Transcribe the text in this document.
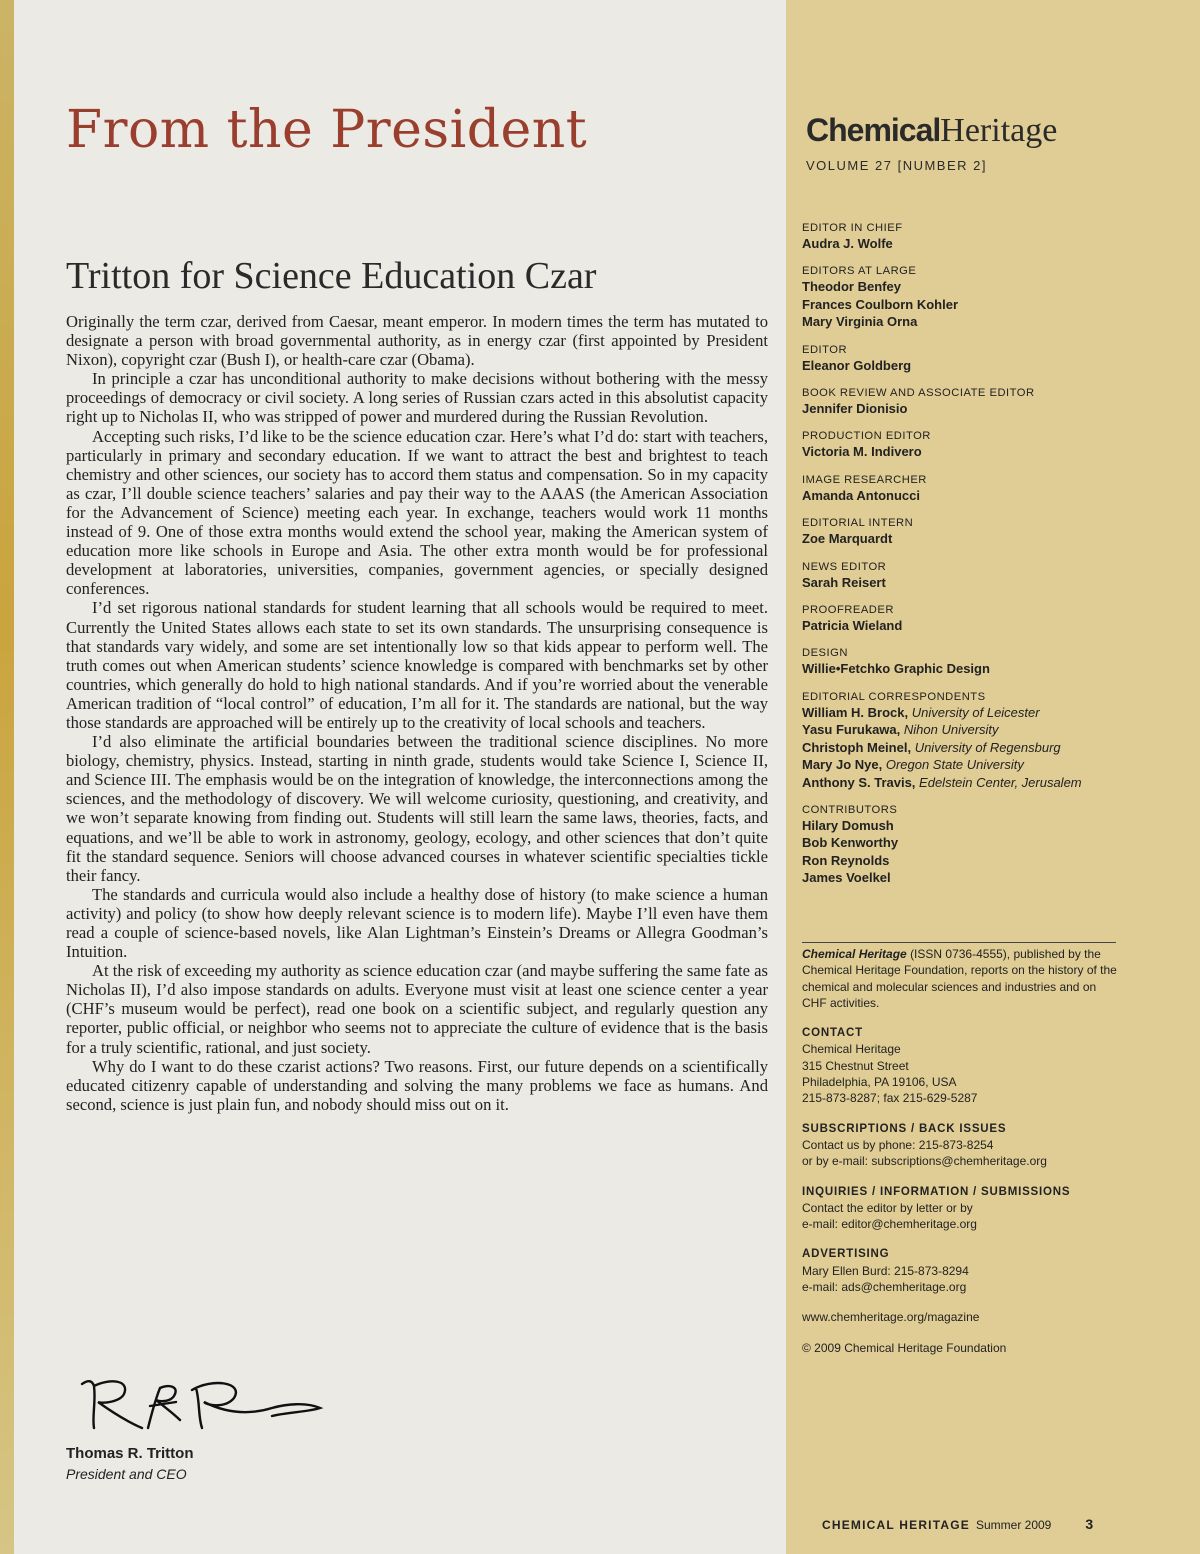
From the President
Tritton for Science Education Czar

Originally the term czar, derived from Caesar, meant emperor. In modern times the term has mutated to designate a person with broad governmental authority, as in energy czar (first appointed by President Nixon), copyright czar (Bush I), or health-care czar (Obama).

In principle a czar has unconditional authority to make decisions without bothering with the messy proceedings of democracy or civil society. A long series of Russian czars acted in this absolutist capacity right up to Nicholas II, who was stripped of power and murdered during the Russian Revolution.

Accepting such risks, I’d like to be the science education czar. Here’s what I’d do: start with teachers, particularly in primary and secondary education. If we want to attract the best and brightest to teach chemistry and other sciences, our society has to accord them status and compensation. So in my capacity as czar, I’ll double science teachers’ salaries and pay their way to the AAAS (the American Association for the Advancement of Science) meeting each year. In exchange, teachers would work 11 months instead of 9. One of those extra months would extend the school year, making the American system of education more like schools in Europe and Asia. The other extra month would be for professional development at laboratories, universities, companies, government agencies, or specially designed conferences.

I’d set rigorous national standards for student learning that all schools would be required to meet. Currently the United States allows each state to set its own standards. The unsurprising consequence is that standards vary widely, and some are set intentionally low so that kids appear to perform well. The truth comes out when American students’ science knowledge is compared with benchmarks set by other countries, which generally do hold to high national standards. And if you’re worried about the venerable American tradition of “local control” of education, I’m all for it. The standards are national, but the way those standards are approached will be entirely up to the creativity of local schools and teachers.

I’d also eliminate the artificial boundaries between the traditional science disciplines. No more biology, chemistry, physics. Instead, starting in ninth grade, students would take Science I, Science II, and Science III. The emphasis would be on the integration of knowledge, the interconnections among the sciences, and the methodology of discovery. We will welcome curiosity, questioning, and creativity, and we won’t separate knowing from finding out. Students will still learn the same laws, theories, facts, and equations, and we’ll be able to work in astronomy, geology, ecology, and other sciences that don’t quite fit the standard sequence. Seniors will choose advanced courses in whatever scientific specialties tickle their fancy.

The standards and curricula would also include a healthy dose of history (to make science a human activity) and policy (to show how deeply relevant science is to modern life). Maybe I’ll even have them read a couple of science-based novels, like Alan Lightman’s Einstein’s Dreams or Allegra Goodman’s Intuition.

At the risk of exceeding my authority as science education czar (and maybe suffering the same fate as Nicholas II), I’d also impose standards on adults. Everyone must visit at least one science center a year (CHF’s museum would be perfect), read one book on a scientific subject, and regularly question any reporter, public official, or neighbor who seems not to appreciate the culture of evidence that is the basis for a truly scientific, rational, and just society.

Why do I want to do these czarist actions? Two reasons. First, our future depends on a scientifically educated citizenry capable of understanding and solving the many problems we face as humans. And second, science is just plain fun, and nobody should miss out on it.

Thomas R. Tritton
President and CEO
ChemicalHeritage
VOLUME 27 [NUMBER 2]

EDITOR IN CHIEF

Audra J. Wolfe

EDITORS AT LARGE

Theodor Benfey

Frances Coulborn Kohler

Mary Virginia Orna

EDITOR

Eleanor Goldberg

BOOK REVIEW AND ASSOCIATE EDITOR

Jennifer Dionisio

PRODUCTION EDITOR

Victoria M. Indivero

IMAGE RESEARCHER

Amanda Antonucci

EDITORIAL INTERN

Zoe Marquardt

NEWS EDITOR

Sarah Reisert

PROOFREADER

Patricia Wieland

DESIGN

Willie•Fetchko Graphic Design

EDITORIAL CORRESPONDENTS

William H. Brock, University of Leicester

Yasu Furukawa, Nihon University

Christoph Meinel, University of Regensburg

Mary Jo Nye, Oregon State University

Anthony S. Travis, Edelstein Center, Jerusalem

CONTRIBUTORS

Hilary Domush

Bob Kenworthy

Ron Reynolds

James Voelkel

Chemical Heritage (ISSN 0736-4555), published by the Chemical Heritage Foundation, reports on the history of the chemical and molecular sciences and industries and on CHF activities.

CONTACT

Chemical Heritage

315 Chestnut Street

Philadelphia, PA 19106, USA

215-873-8287; fax 215-629-5287

SUBSCRIPTIONS / BACK ISSUES

Contact us by phone: 215-873-8254

or by e-mail: subscriptions@chemheritage.org

INQUIRIES / INFORMATION / SUBMISSIONS

Contact the editor by letter or by

e-mail: editor@chemheritage.org

ADVERTISING

Mary Ellen Burd: 215-873-8294

e-mail: ads@chemheritage.org

www.chemheritage.org/magazine

© 2009 Chemical Heritage Foundation

CHEMICAL HERITAGE Summer 2009 3
